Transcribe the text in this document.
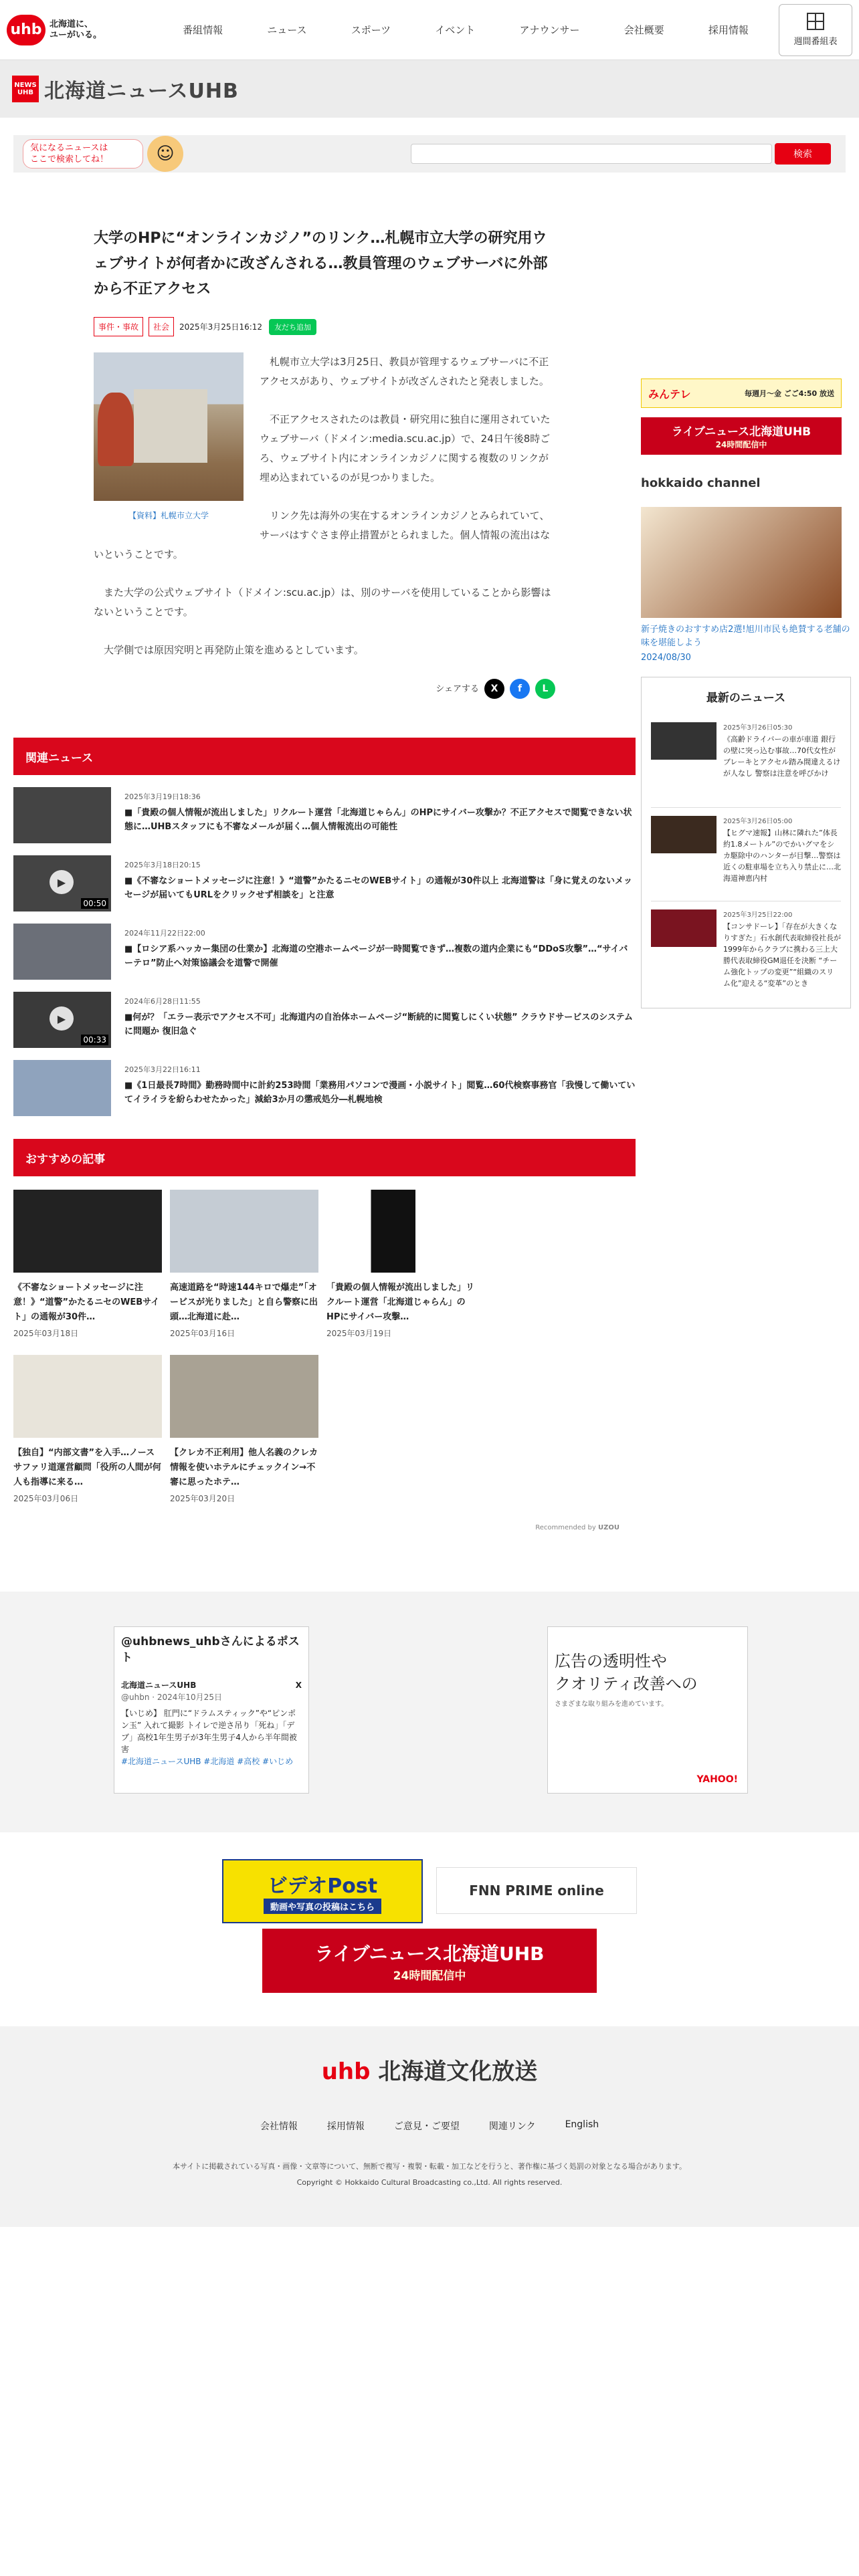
uhb 北海道に、
ユーがいる。	番組情報	ニュース	スポーツ	イベント	アナウンサー	会社概要	採用情報
週間番組表
NEWS UHB 北海道ニュースUHB
気になるニュースは
ここで検索してね！	☺	検索
大学のHPに“オンラインカジノ”のリンク…札幌市立大学の研究用ウェブサイトが何者かに改ざんされる…教員管理のウェブサーバに外部から不正アクセス
事件・事故	社会	2025年3月25日16:12	友だち追加
【資料】札幌市立大学

札幌市立大学は3月25日、教員が管理するウェブサーバに不正アクセスがあり、ウェブサイトが改ざんされたと発表しました。

不正アクセスされたのは教員・研究用に独自に運用されていたウェブサーバ（ドメイン:media.scu.ac.jp）で、24日午後8時ごろ、ウェブサイト内にオンラインカジノに関する複数のリンクが埋め込まれているのが見つかりました。

リンク先は海外の実在するオンラインカジノとみられていて、サーバはすぐさま停止措置がとられました。個人情報の流出はないということです。

また大学の公式ウェブサイト（ドメイン:scu.ac.jp）は、別のサーバを使用していることから影響はないということです。

大学側では原因究明と再発防止策を進めるとしています。

シェアする	X	f	L
関連ニュース
2025年3月19日18:36
■「貴殿の個人情報が流出しました」リクルート運営「北海道じゃらん」のHPにサイバー攻撃か？不正アクセスで閲覧できない状態に…UHBスタッフにも不審なメールが届く…個人情報流出の可能性
▶
00:50
2025年3月18日20:15
■《不審なショートメッセージに注意！》“道警”かたるニセのWEBサイト」の通報が30件以上 北海道警は「身に覚えのないメッセージが届いてもURLをクリックせず相談を」と注意
2024年11月22日22:00
■【ロシア系ハッカー集団の仕業か】北海道の空港ホームページが一時閲覧できず…複数の道内企業にも“DDoS攻撃”…“サイバーテロ”防止へ対策協議会を道警で開催
▶
00:33
2024年6月28日11:55
■何が？「エラー表示でアクセス不可」北海道内の自治体ホームページ“断続的に閲覧しにくい状態” クラウドサービスのシステムに問題か 復旧急ぐ
2025年3月22日16:11
■《1日最長7時間》勤務時間中に計約253時間「業務用パソコンで漫画・小説サイト」閲覧…60代検察事務官「我慢して働いていてイライラを紛らわせたかった」減給3か月の懲戒処分―札幌地検
おすすめの記事
《不審なショートメッセージに注意！》“道警”かたるニセのWEBサイト」の通報が30件…
2025年03月18日
高速道路を“時速144キロで爆走”「オービスが光りました」と自ら警察に出頭…北海道に赴…
2025年03月16日
「貴殿の個人情報が流出しました」リクルート運営「北海道じゃらん」のHPにサイバー攻撃…
2025年03月19日
【独自】“内部文書”を入手…ノースサファリ道運営顧問「役所の人間が何人も指導に来る…
2025年03月06日
【クレカ不正利用】他人名義のクレカ情報を使いホテルにチェックイン→不審に思ったホテ…
2025年03月20日
Recommended by UZOU
みんテレ	毎週月～金 ごご4:50 放送
ライブニュース北海道UHB
24時間配信中
hokkaido channel
新子焼きのおすすめ店2選!旭川市民も絶賛する老舗の味を堪能しよう
2024/08/30
最新のニュース
2025年3月26日05:30
《高齢ドライバーの車が車道 銀行の壁に突っ込む事故…70代女性がブレーキとアクセル踏み間違えるけが人なし 警察は注意を呼びかけ
2025年3月26日05:00
【ヒグマ速報】山林に隣れた”体長約1.8メートル”のでかいグマをシカ駆除中のハンターが目撃…警察は近くの駐車場を立ち入り禁止に…北海道神恵内村
2025年3月25日22:00
【コンサドーレ】「存在が大きくなりすぎた」石水創代表取締役社長が1999年からクラブに携わる三上大勝代表取締役GM退任を決断 “チーム強化トップの変更”“組織のスリム化”迎える“変革”のとき
@uhbnews_uhbさんによるポスト
北海道ニュースUHB	X
@uhbn · 2024年10月25日
【いじめ】 肛門に“ドラムスティック”や“ピンポン玉” 入れて撮影 トイレで逆さ吊り「死ね」「デブ」高校1年生男子が3年生男子4人から半年間被害
#北海道ニュースUHB #北海道 #高校 #いじめ
広告の透明性や
クオリティ改善への
さまざまな取り組みを進めています。
YAHOO!
ビデオPost
動画や写真の投稿はこちら
FNN PRIME online
ライブニュース北海道UHB
24時間配信中
uhb 北海道文化放送
会社情報	採用情報	ご意見・ご要望	関連リンク	English
本サイトに掲載されている写真・画像・文章等について、無断で複写・複製・転載・加工などを行うと、著作権に基づく処罰の対象となる場合があります。
Copyright © Hokkaido Cultural Broadcasting co.,Ltd. All rights reserved.
